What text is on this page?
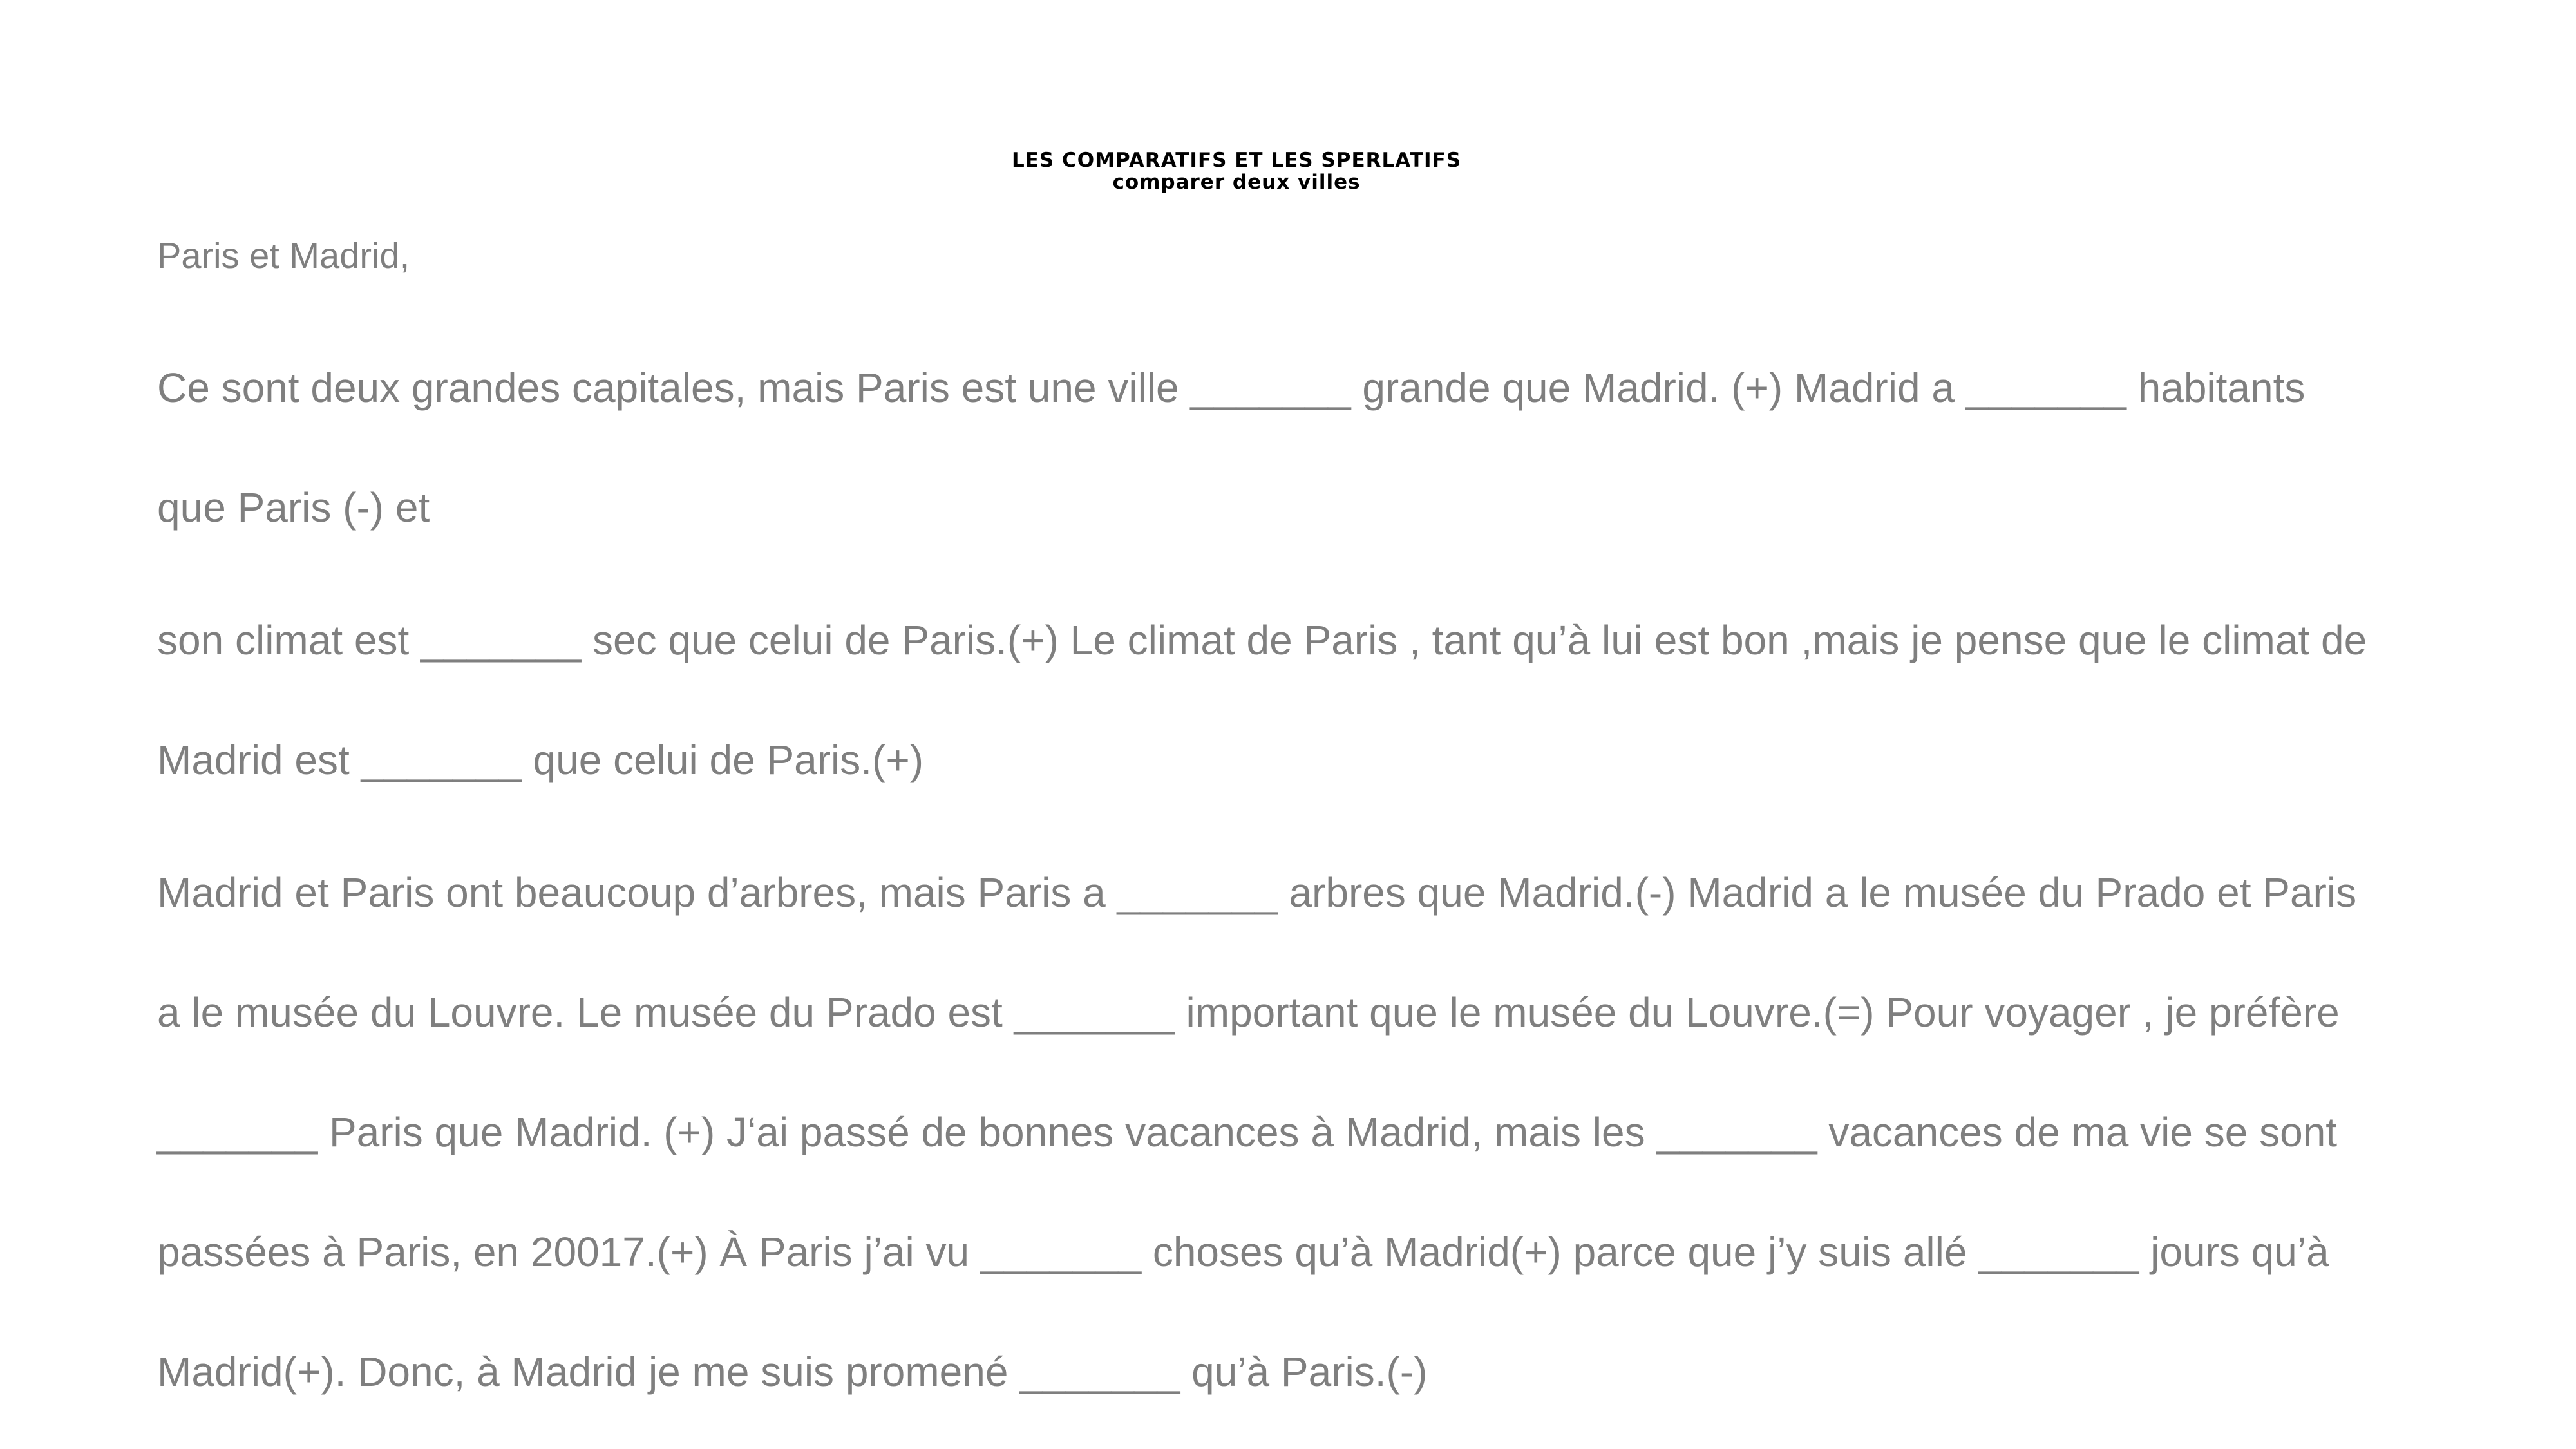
LES COMPARATIFS ET LES SPERLATIFS
comparer deux villes
Paris et Madrid,
Ce sont deux grandes capitales, mais Paris est une ville _______ grande que Madrid. (+) Madrid a _______ habitants
que Paris (-) et
son climat est _______ sec que celui de Paris.(+) Le climat de Paris , tant qu’à lui est bon ,mais je pense que le climat de
Madrid est _______ que celui de Paris.(+)
Madrid et Paris ont beaucoup d’arbres, mais Paris a _______ arbres que Madrid.(-) Madrid a le musée du Prado et Paris
a le musée du Louvre. Le musée du Prado est _______ important que le musée du Louvre.(=) Pour voyager , je préfère
_______ Paris que Madrid. (+) J‘ai passé de bonnes vacances à Madrid, mais les _______ vacances de ma vie se sont
passées à Paris, en 20017.(+) À Paris j’ai vu _______ choses qu’à Madrid(+) parce que j’y suis allé _______ jours qu’à
Madrid(+). Donc, à Madrid je me suis promené _______ qu’à Paris.(-)
